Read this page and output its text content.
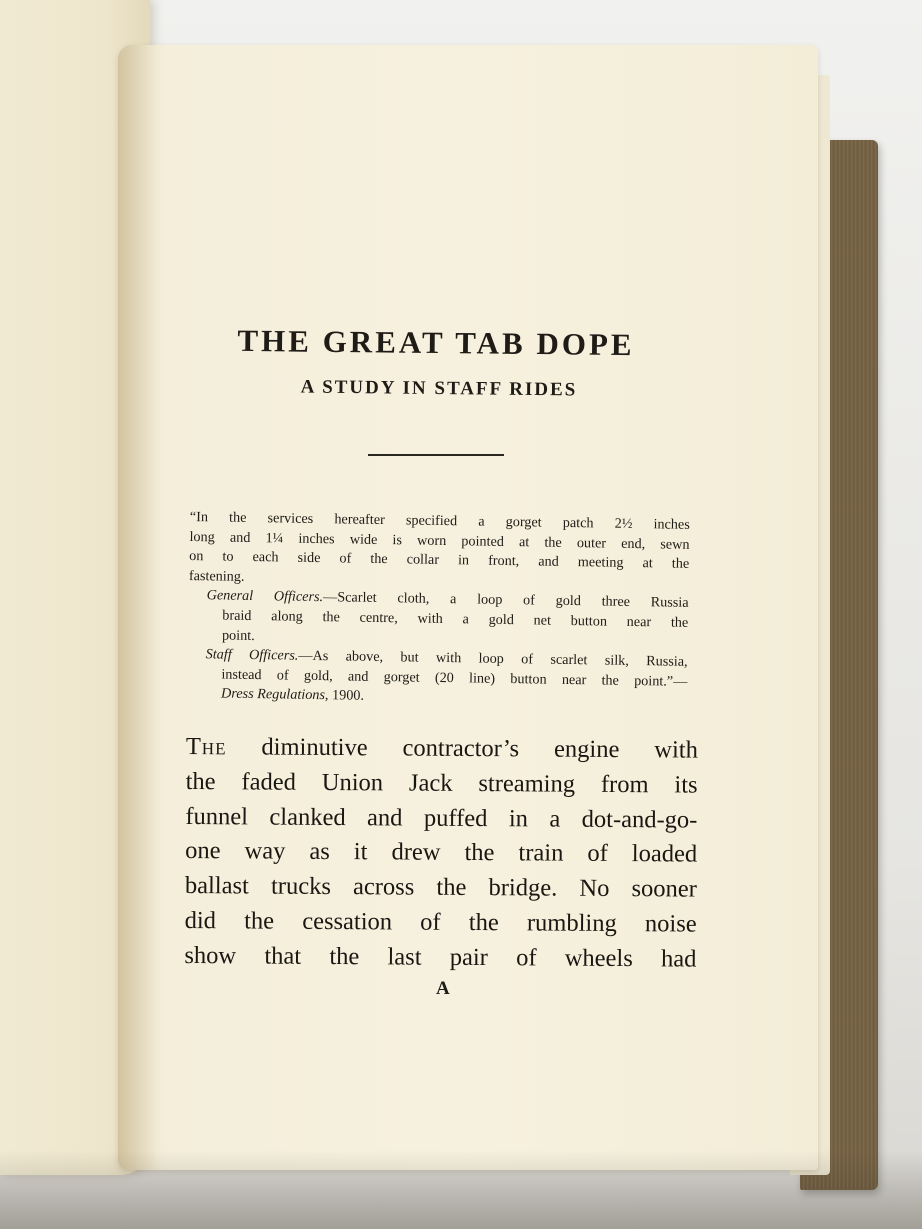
THE GREAT TAB DOPE
A STUDY IN STAFF RIDES
“In the services hereafter specified a gorget patch 2½ inches
long and 1¼ inches wide is worn pointed at the outer end, sewn
on to each side of the collar in front, and meeting at the
fastening.
General Officers.—Scarlet cloth, a loop of gold three Russia
braid along the centre, with a gold net button near the
point.
Staff Officers.—As above, but with loop of scarlet silk, Russia,
instead of gold, and gorget (20 line) button near the point.”—
Dress Regulations, 1900.
The diminutive contractor’s engine with
the faded Union Jack streaming from its
funnel clanked and puffed in a dot-and-go-
one way as it drew the train of loaded
ballast trucks across the bridge. No sooner
did the cessation of the rumbling noise
show that the last pair of wheels had
A
